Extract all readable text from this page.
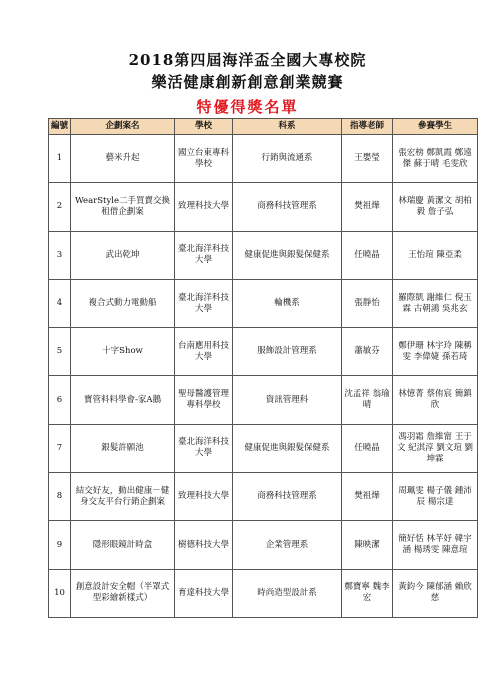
2018第四屆海洋盃全國大專校院
樂活健康創新創意創業競賽
特優得獎名單
編號	企劃案名	學校	科系	指導老師	參賽學生
1	藝米升起	國立台東專科學校	行銷與流通系	王嬰瑩	張宏榜 鄭凱霞 鄭遠傑 蘇于晴 毛雯欣
2	WearStyle二手買賣交換租借企劃案	致理科技大學	商務科技管理系	樊祖燁	林瑞慶 黃潔文 胡柏毅 詹子弘
3	武出乾坤	臺北海洋科技大學	健康促進與銀髮保健系	任曉晶	王怡瑄 陳亞柔
4	複合式動力電動船	臺北海洋科技大學	輪機系	張靜怡	羅際凱 謝維仁 倪玉霖 古朝鴻 吳兆玄
5	十字Show	台南應用科技大學	服飾設計管理系	蕭敏芬	鄭伊珊 林宇玲 陳稱雯 李偉婕 孫若琦
6	寶管料料學會-家A鵝	聖母醫護管理專科學校	資訊管理科	沈孟祥 翁瑜晴	林憶菁 蔡侑宸 簡鎮欣
7	銀髮許願池	臺北海洋科技大學	健康促進與銀髮保健系	任曉晶	馮羽霜 詹維甯 王于文 紀淇淳 劉文瑄 劉坤霖
8	結交好友，動出健康－健身交友平台行銷企劃案	致理科技大學	商務科技管理系	樊祖燁	周珮雯 楊子儀 鍾沛辰 楊宗達
9	隱形眼鏡計時盒	樹德科技大學	企業管理系	陳映潔	簡好恬 林芊妤 韓宇涵 楊琇雯 陳意瑄
10	創意設計安全帽（半罩式型彩繪新樣式）	育達科技大學	時尚造型設計系	鄭寶寧 魏李宏	黃鈞今 陳郁涵 賴欣慈
